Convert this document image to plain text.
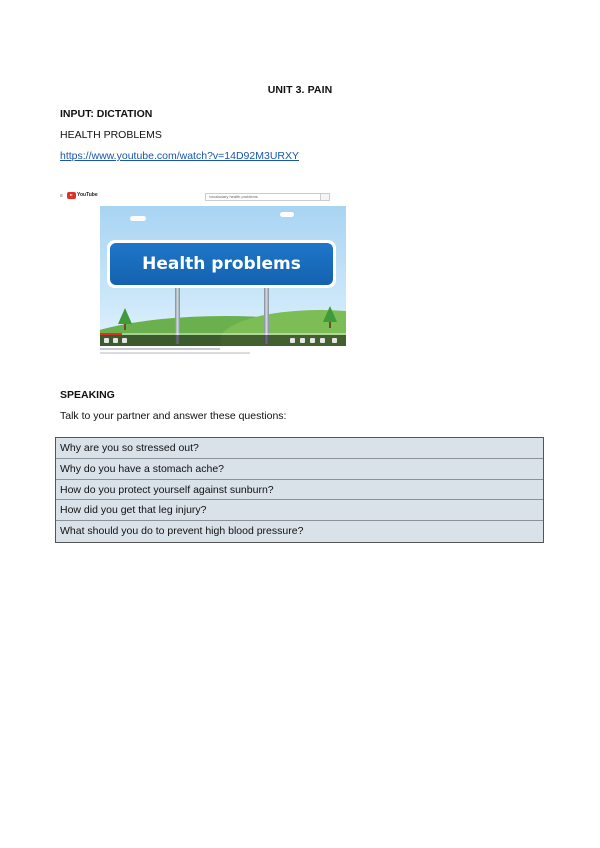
UNIT 3. PAIN
INPUT: DICTATION
HEALTH PROBLEMS
https://www.youtube.com/watch?v=14D92M3URXY
≡	YouTube	vocabulary health problems
Health problems
SPEAKING
Talk to your partner and answer these questions:
Why are you so stressed out?
Why do you have a stomach ache?
How do you protect yourself against sunburn?
How did you get that leg injury?
What should you do to prevent high blood pressure?
